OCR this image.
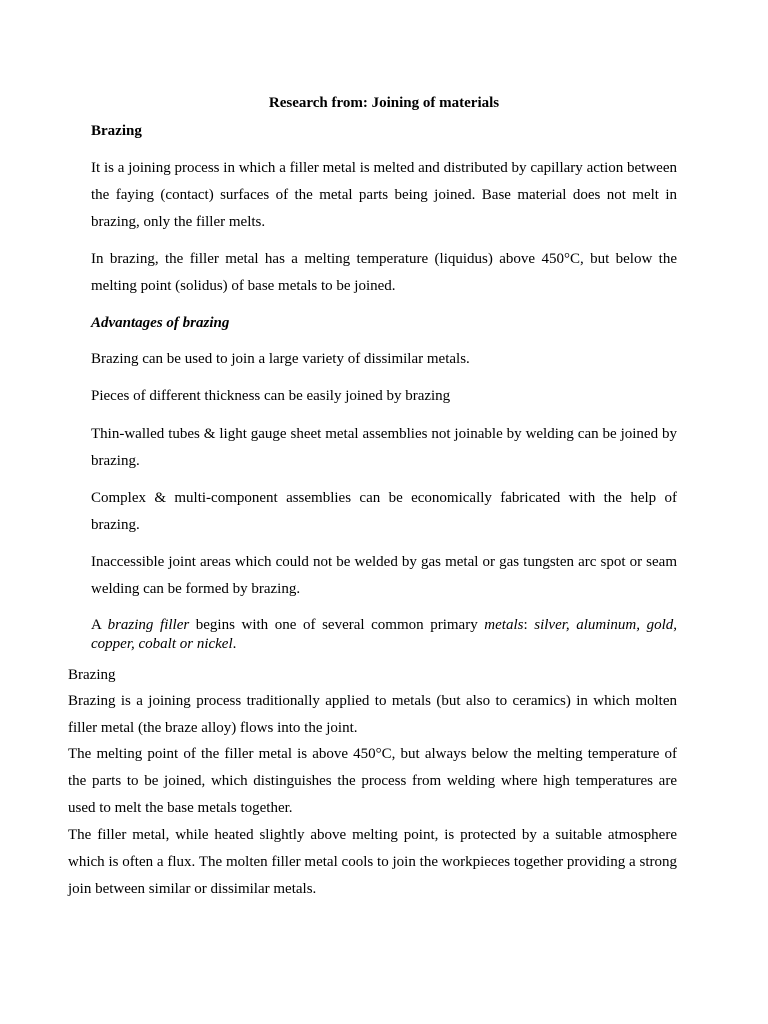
Research from: Joining of materials

Brazing

It is a joining process in which a filler metal is melted and distributed by capillary action between the faying (contact) surfaces of the metal parts being joined. Base material does not melt in brazing, only the filler melts.

In brazing, the filler metal has a melting temperature (liquidus) above 450°C, but below the melting point (solidus) of base metals to be joined.

Advantages of brazing

Brazing can be used to join a large variety of dissimilar metals.

Pieces of different thickness can be easily joined by brazing

Thin-walled tubes & light gauge sheet metal assemblies not joinable by welding can be joined by brazing.

Complex & multi-component assemblies can be economically fabricated with the help of brazing.

Inaccessible joint areas which could not be welded by gas metal or gas tungsten arc spot or seam welding can be formed by brazing.

A brazing filler begins with one of several common primary metals: silver, aluminum, gold, copper, cobalt or nickel.

Brazing

Brazing is a joining process traditionally applied to metals (but also to ceramics) in which molten filler metal (the braze alloy) flows into the joint.

The melting point of the filler metal is above 450°C, but always below the melting temperature of the parts to be joined, which distinguishes the process from welding where high temperatures are used to melt the base metals together.

The filler metal, while heated slightly above melting point, is protected by a suitable atmosphere which is often a flux. The molten filler metal cools to join the workpieces together providing a strong join between similar or dissimilar metals.
